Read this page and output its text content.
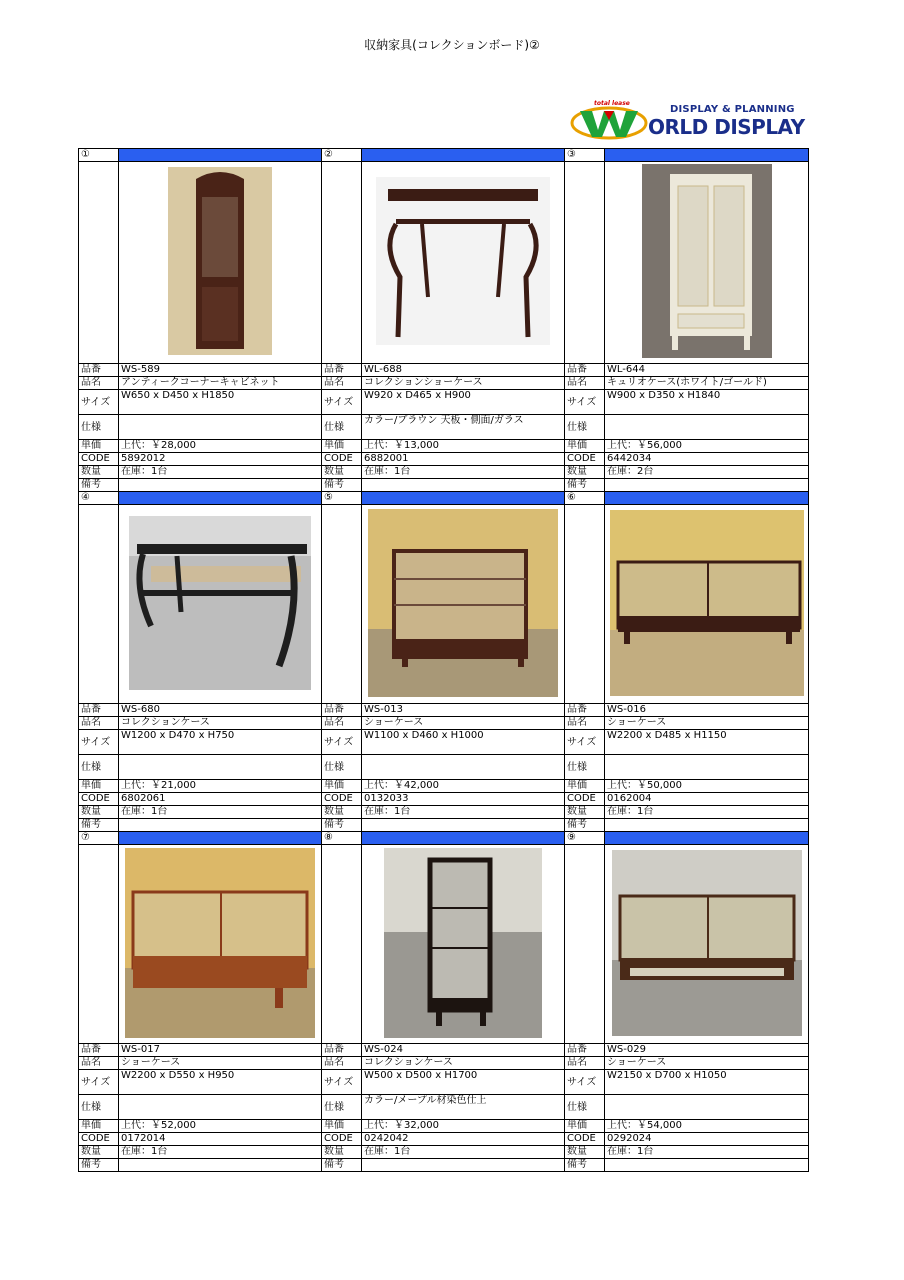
収納家具(コレクションボード)②
total lease
DISPLAY & PLANNING
ORLD DISPLAY
①		②		③	

品番	WS-589	品番	WL-688	品番	WL-644
品名	アンティークコーナーキャビネット	品名	コレクションショーケース	品名	キュリオケース(ホワイト/ゴールド)
サイズ	W650 x D450 x H1850	サイズ	W920 x D465 x H900	サイズ	W900 x D350 x H1840
仕様		仕様	カラー/ブラウン 天板・側面/ガラス	仕様	
単価	上代：￥28,000	単価	上代：￥13,000	単価	上代：￥56,000
CODE	5892012	CODE	6882001	CODE	6442034
数量	在庫：1台	数量	在庫：1台	数量	在庫：2台
備考		備考		備考	
④		⑤		⑥	

品番	WS-680	品番	WS-013	品番	WS-016
品名	コレクションケース	品名	ショーケース	品名	ショーケース
サイズ	W1200 x D470 x H750	サイズ	W1100 x D460 x H1000	サイズ	W2200 x D485 x H1150
仕様		仕様		仕様	
単価	上代：￥21,000	単価	上代：￥42,000	単価	上代：￥50,000
CODE	6802061	CODE	0132033	CODE	0162004
数量	在庫：1台	数量	在庫：1台	数量	在庫：1台
備考		備考		備考	
⑦		⑧		⑨	

品番	WS-017	品番	WS-024	品番	WS-029
品名	ショーケース	品名	コレクションケース	品名	ショーケース
サイズ	W2200 x D550 x H950	サイズ	W500 x D500 x H1700	サイズ	W2150 x D700 x H1050
仕様		仕様	カラー/メープル材染色仕上	仕様	
単価	上代：￥52,000	単価	上代：￥32,000	単価	上代：￥54,000
CODE	0172014	CODE	0242042	CODE	0292024
数量	在庫：1台	数量	在庫：1台	数量	在庫：1台
備考		備考		備考	
